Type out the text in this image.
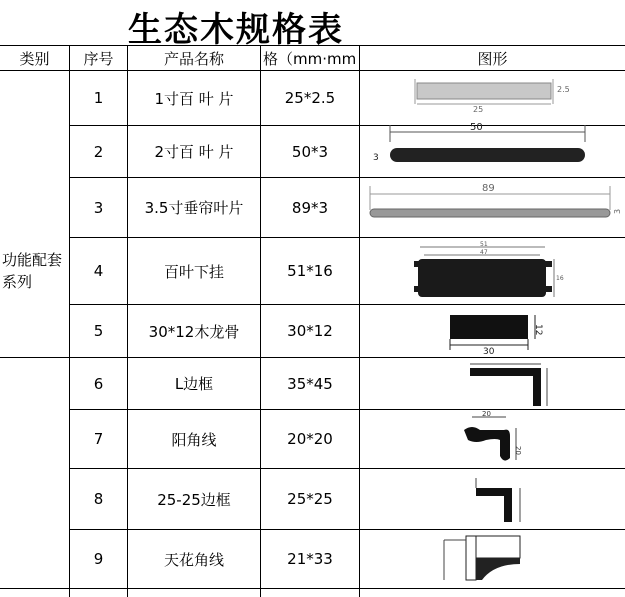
生态木规格表
类别	序号	产品名称	格（mm·mm	图形
功能配套系列
1	1寸百 叶 片	25*2.5
2	2寸百 叶 片	50*3
3	3.5寸垂帘叶片	89*3
4	百叶下挂	51*16
5	30*12木龙骨	30*12
6	L边框	35*45
7	阳角线	20*20
8	25-25边框	25*25
9	天花角线	21*33
25
2.5
50
3
89
3
51
47
16
30
12
20
20
